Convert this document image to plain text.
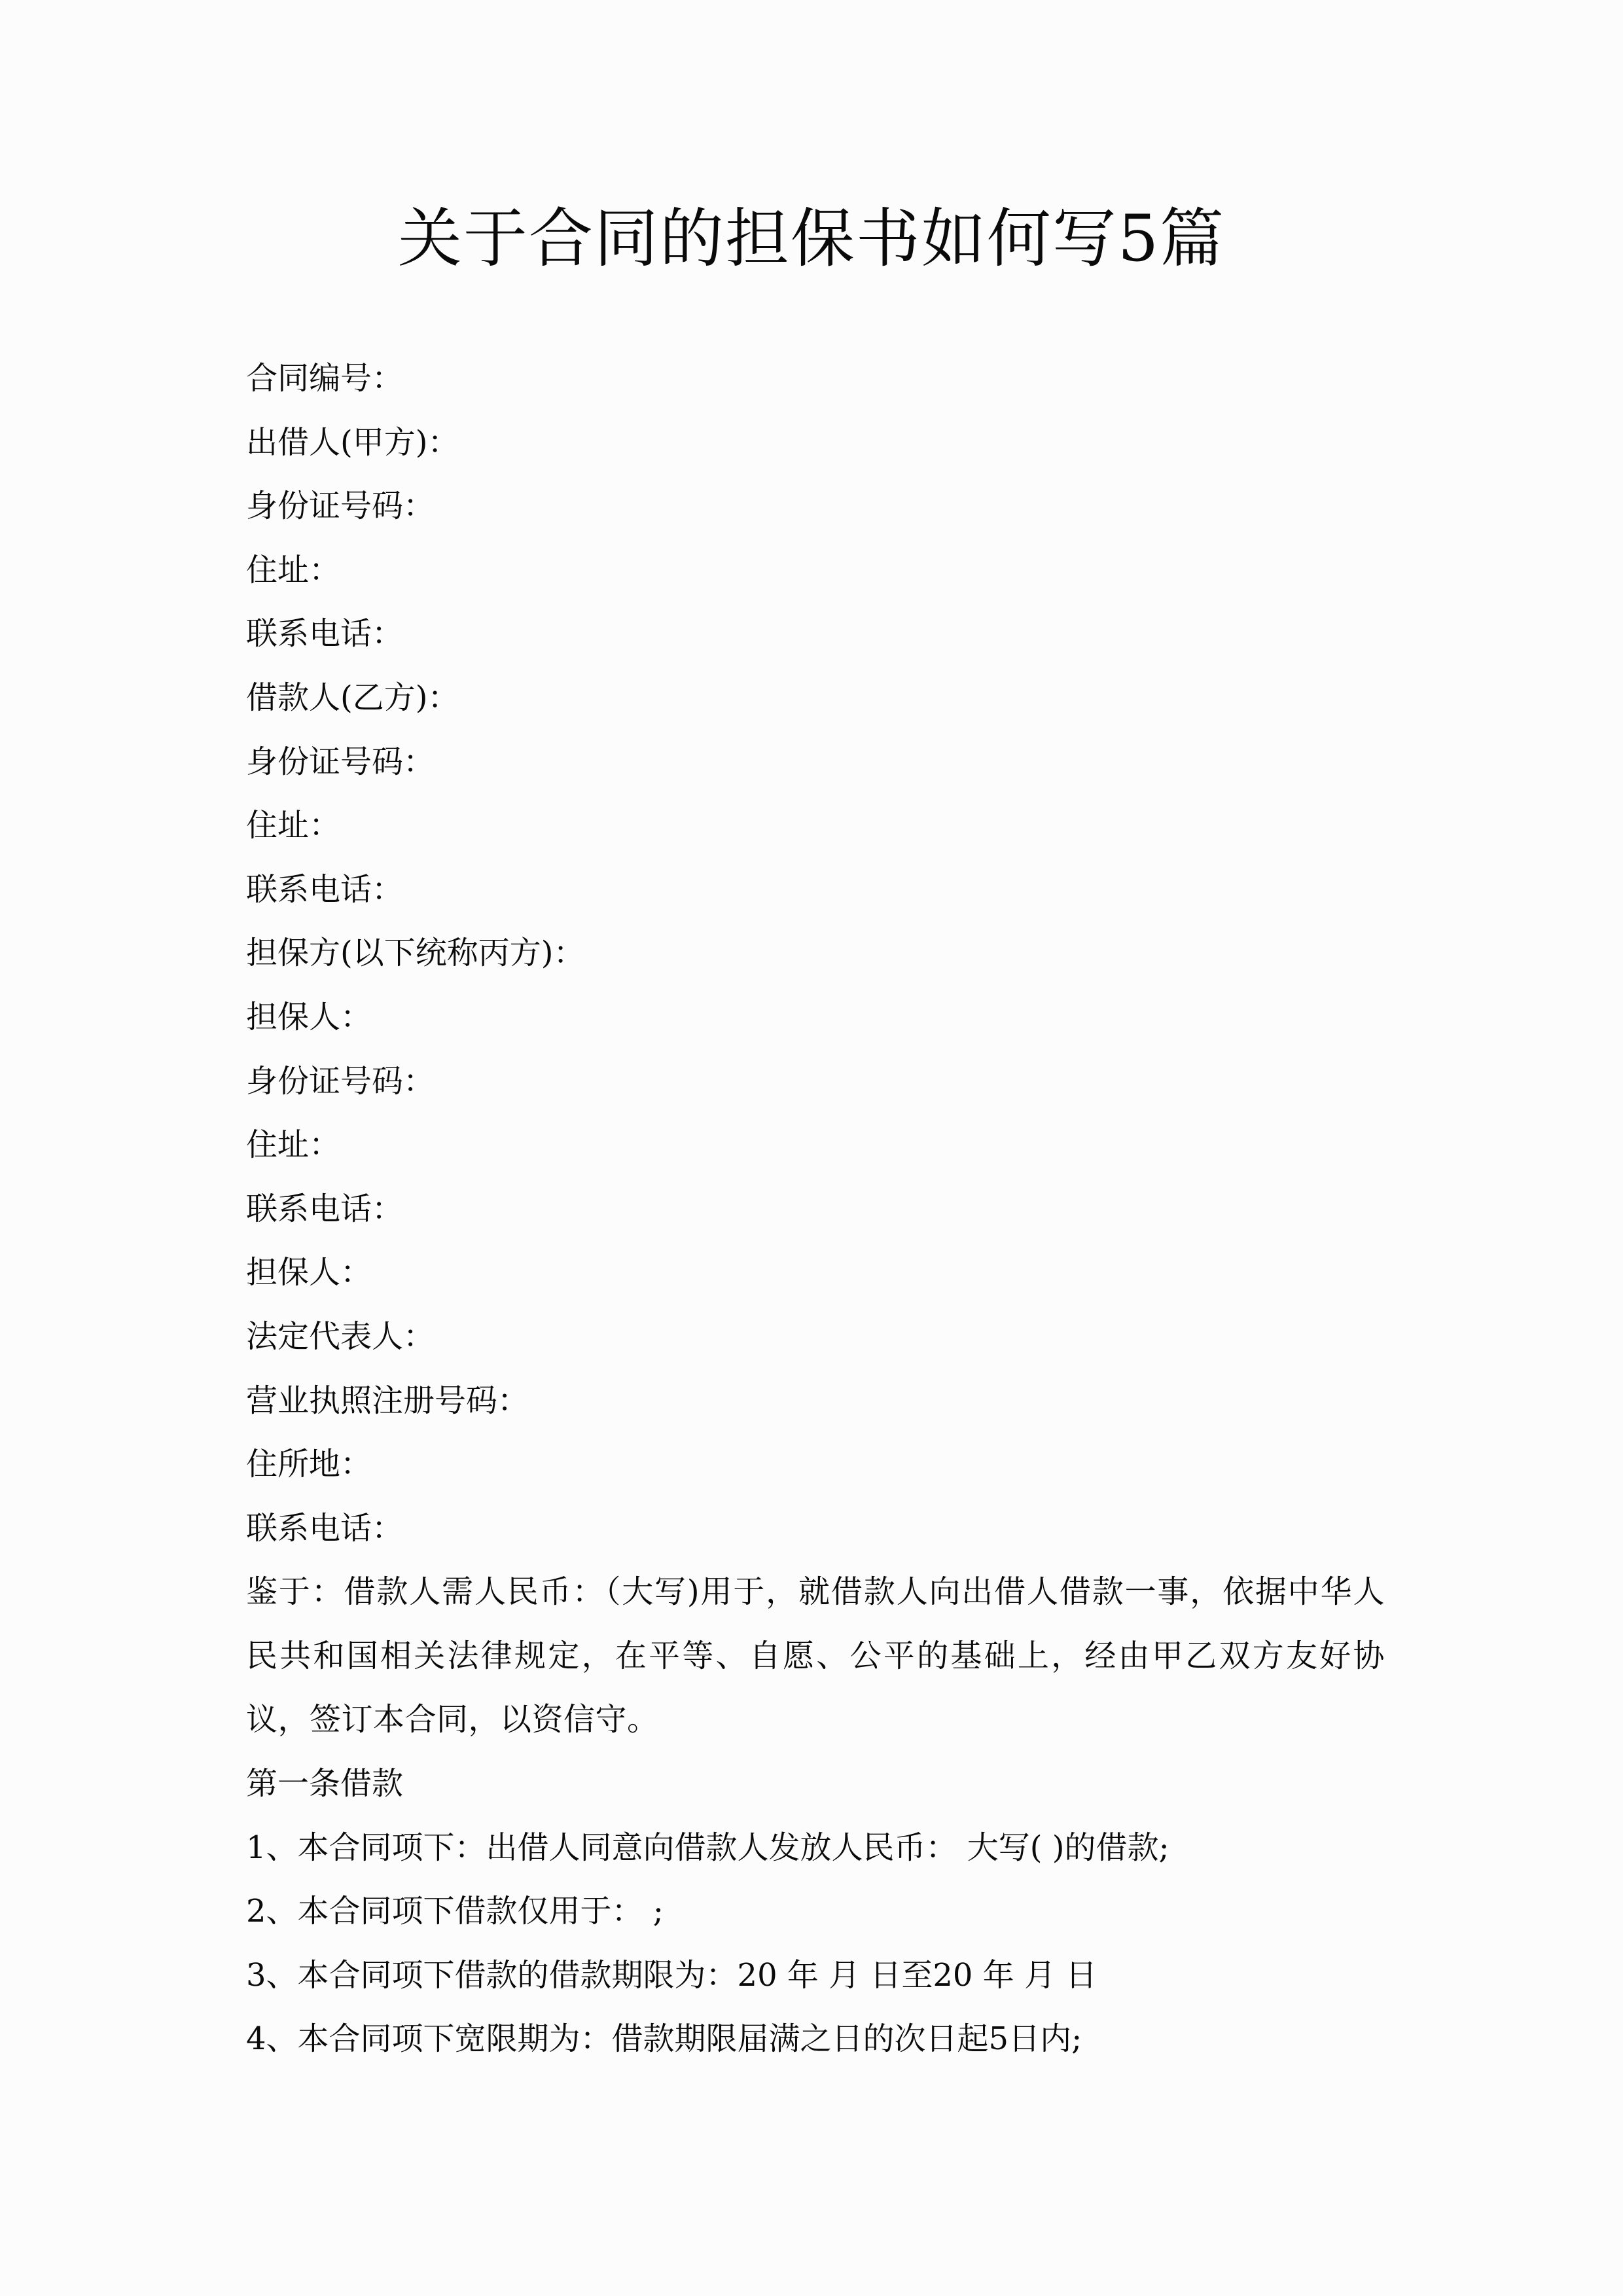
关于合同的担保书如何写5篇

合同编号：

出借人(甲方)：

身份证号码：

住址：

联系电话：

借款人(乙方)：

身份证号码：

住址：

联系电话：

担保方(以下统称丙方)：

担保人：

身份证号码：

住址：

联系电话：

担保人：

法定代表人：

营业执照注册号码：

住所地：

联系电话：

鉴于：借款人需人民币：（大写)用于，就借款人向出借人借款一事，依据中华人民共和国相关法律规定，在平等、自愿、公平的基础上，经由甲乙双方友好协议，签订本合同，以资信守。

第一条借款

1、本合同项下：出借人同意向借款人发放人民币： 大写( )的借款;

2、本合同项下借款仅用于： ;

3、本合同项下借款的借款期限为：20 年 月 日至20 年 月 日

4、本合同项下宽限期为：借款期限届满之日的次日起5日内;
